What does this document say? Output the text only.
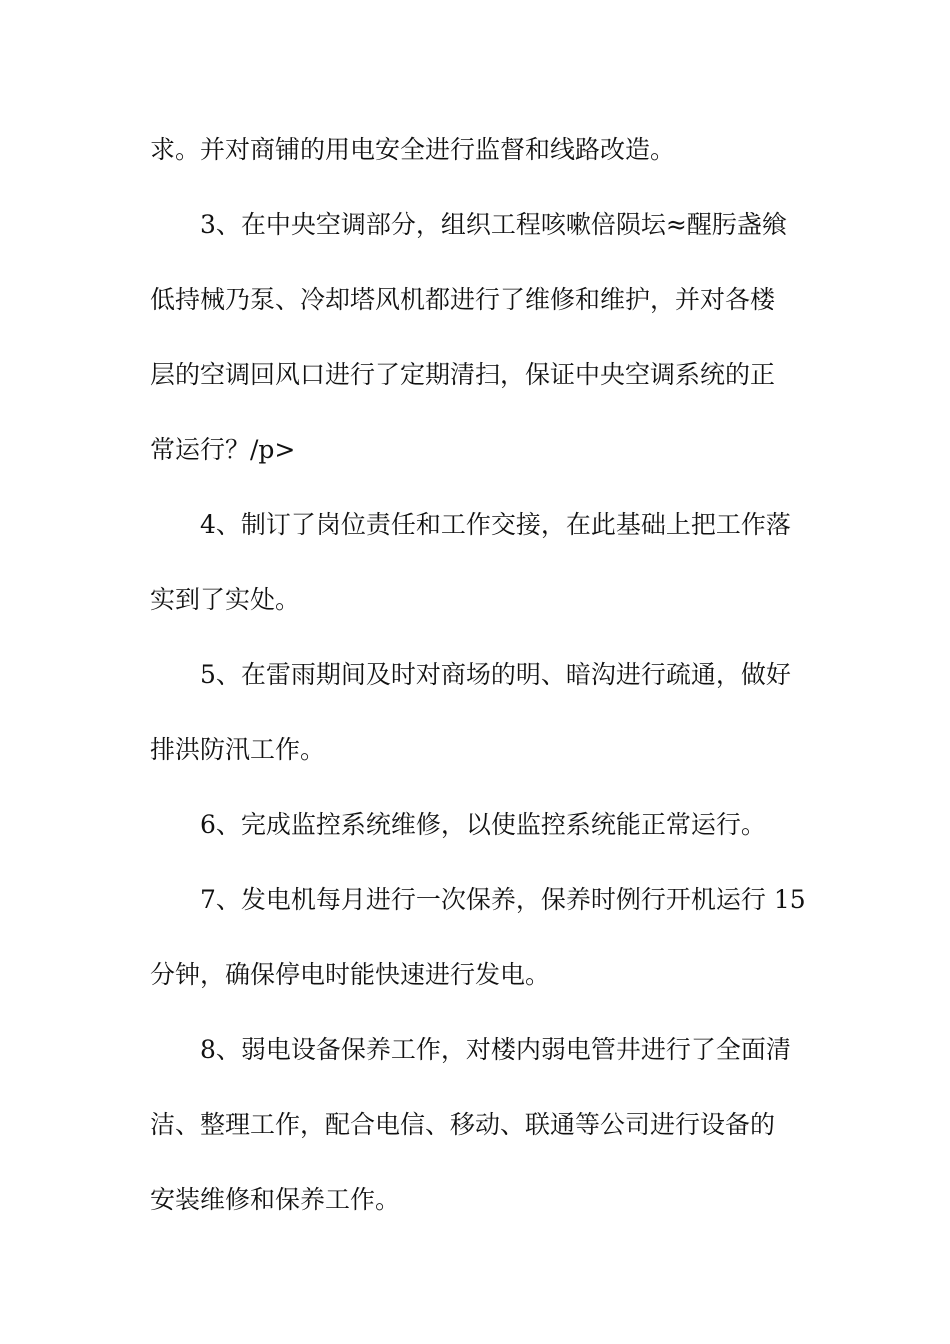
求。并对商铺的用电安全进行监督和线路改造。
3、在中央空调部分，组织工程咳嗽倍陨坛≈醒肟盏飨
低持械乃泵、冷却塔风机都进行了维修和维护，并对各楼
层的空调回风口进行了定期清扫，保证中央空调系统的正
常运行？/p>
4、制订了岗位责任和工作交接，在此基础上把工作落
实到了实处。
5、在雷雨期间及时对商场的明、暗沟进行疏通，做好
排洪防汛工作。
6、完成监控系统维修，以使监控系统能正常运行。
7、发电机每月进行一次保养，保养时例行开机运行 15
分钟，确保停电时能快速进行发电。
8、弱电设备保养工作，对楼内弱电管井进行了全面清
洁、整理工作，配合电信、移动、联通等公司进行设备的
安装维修和保养工作。
